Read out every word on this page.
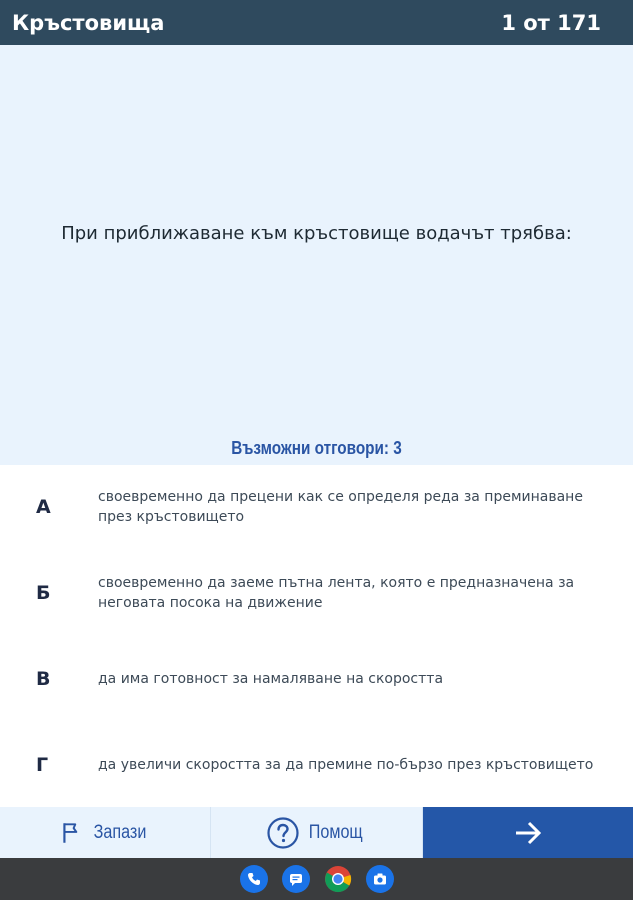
Кръстовища	1 от 171
При приближаване към кръстовище водачът трябва:
Възможни отговори: 3
А	своевременно да прецени как се определя реда за преминаване през кръстовището
Б	своевременно да заеме пътна лента, която е предназначена за неговата посока на движение
В	да има готовност за намаляване на скоростта
Г	да увеличи скоростта за да премине по-бързо през кръстовището
Запази	Помощ
